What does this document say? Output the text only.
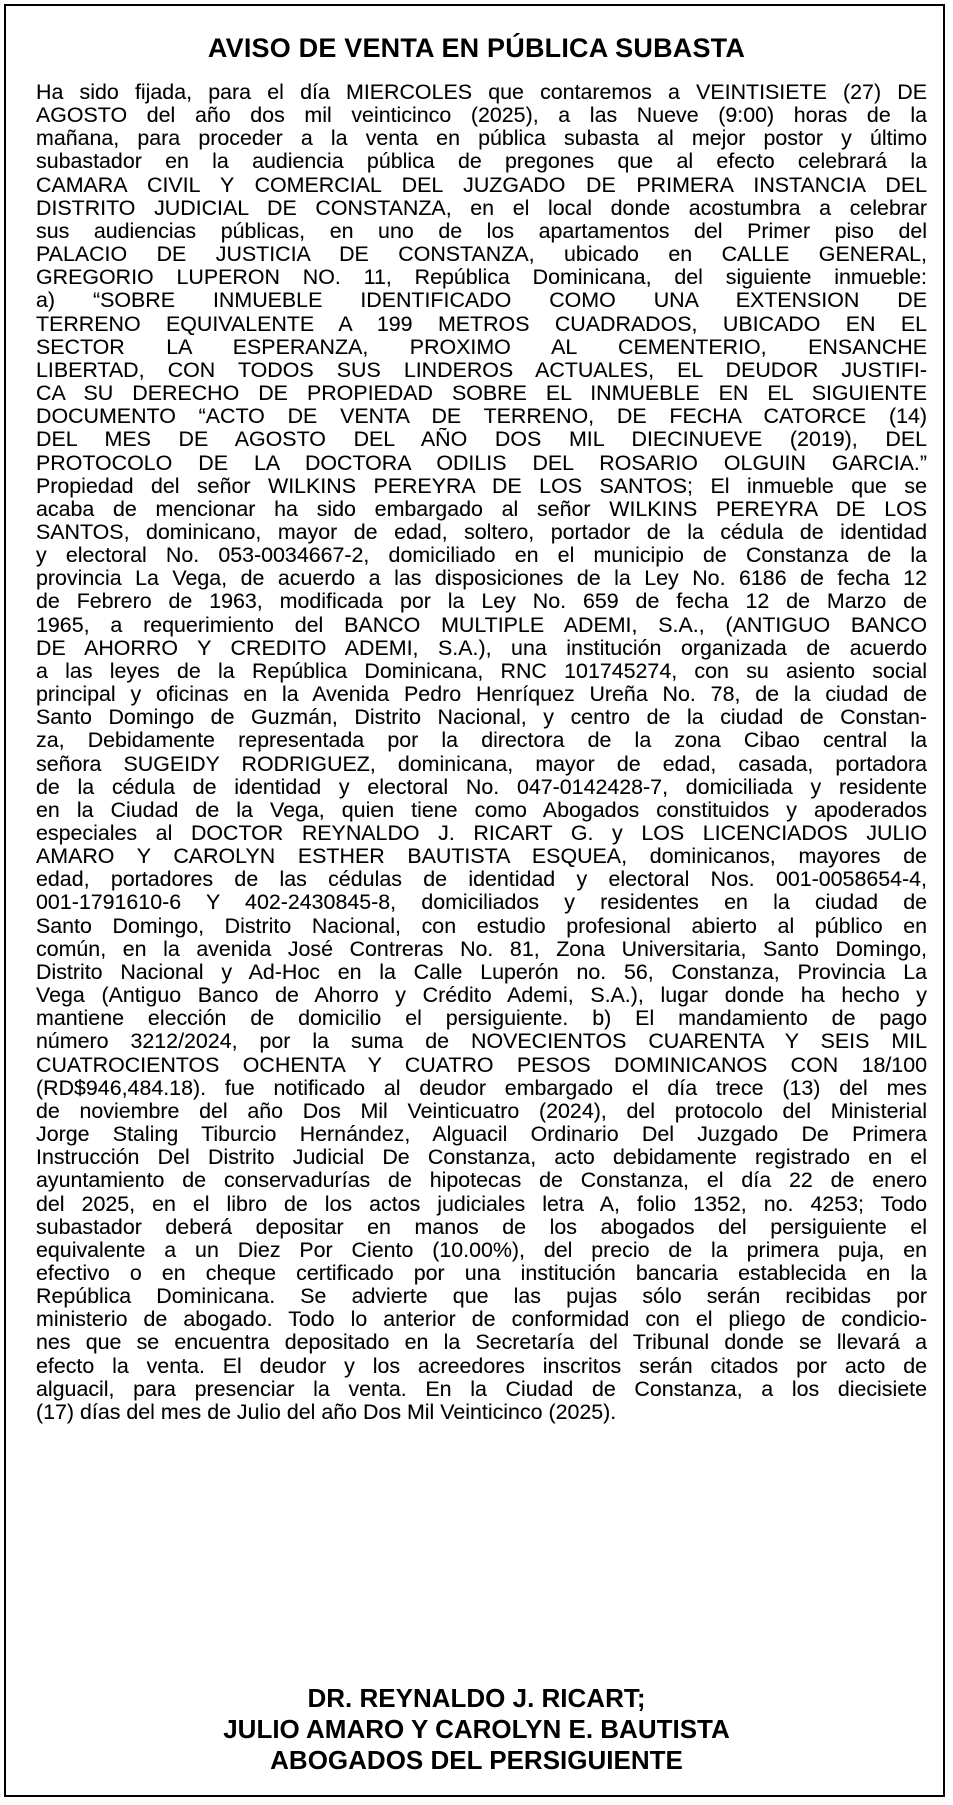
AVISO DE VENTA EN PÚBLICA SUBASTA
Ha sido fijada, para el día MIERCOLES que contaremos a VEINTISIETE (27) DE
AGOSTO del año dos mil veinticinco (2025), a las Nueve (9:00) horas de la
mañana, para proceder a la venta en pública subasta al mejor postor y último
subastador en la audiencia pública de pregones que al efecto celebrará la
CAMARA CIVIL Y COMERCIAL DEL JUZGADO DE PRIMERA INSTANCIA DEL
DISTRITO JUDICIAL DE CONSTANZA, en el local donde acostumbra a celebrar
sus audiencias públicas, en uno de los apartamentos del Primer piso del
PALACIO DE JUSTICIA DE CONSTANZA, ubicado en CALLE GENERAL,
GREGORIO LUPERON NO. 11, República Dominicana, del siguiente inmueble:
a) “SOBRE INMUEBLE IDENTIFICADO COMO UNA EXTENSION DE
TERRENO EQUIVALENTE A 199 METROS CUADRADOS, UBICADO EN EL
SECTOR LA ESPERANZA, PROXIMO AL CEMENTERIO, ENSANCHE
LIBERTAD, CON TODOS SUS LINDEROS ACTUALES, EL DEUDOR JUSTIFI-
CA SU DERECHO DE PROPIEDAD SOBRE EL INMUEBLE EN EL SIGUIENTE
DOCUMENTO “ACTO DE VENTA DE TERRENO, DE FECHA CATORCE (14)
DEL MES DE AGOSTO DEL AÑO DOS MIL DIECINUEVE (2019), DEL
PROTOCOLO DE LA DOCTORA ODILIS DEL ROSARIO OLGUIN GARCIA.”
Propiedad del señor WILKINS PEREYRA DE LOS SANTOS; El inmueble que se
acaba de mencionar ha sido embargado al señor WILKINS PEREYRA DE LOS
SANTOS, dominicano, mayor de edad, soltero, portador de la cédula de identidad
y electoral No. 053-0034667-2, domiciliado en el municipio de Constanza de la
provincia La Vega, de acuerdo a las disposiciones de la Ley No. 6186 de fecha 12
de Febrero de 1963, modificada por la Ley No. 659 de fecha 12 de Marzo de
1965, a requerimiento del BANCO MULTIPLE ADEMI, S.A., (ANTIGUO BANCO
DE AHORRO Y CREDITO ADEMI, S.A.), una institución organizada de acuerdo
a las leyes de la República Dominicana, RNC 101745274, con su asiento social
principal y oficinas en la Avenida Pedro Henríquez Ureña No. 78, de la ciudad de
Santo Domingo de Guzmán, Distrito Nacional, y centro de la ciudad de Constan-
za, Debidamente representada por la directora de la zona Cibao central la
señora SUGEIDY RODRIGUEZ, dominicana, mayor de edad, casada, portadora
de la cédula de identidad y electoral No. 047-0142428-7, domiciliada y residente
en la Ciudad de la Vega, quien tiene como Abogados constituidos y apoderados
especiales al DOCTOR REYNALDO J. RICART G. y LOS LICENCIADOS JULIO
AMARO Y CAROLYN ESTHER BAUTISTA ESQUEA, dominicanos, mayores de
edad, portadores de las cédulas de identidad y electoral Nos. 001-0058654-4,
001-1791610-6 Y 402-2430845-8, domiciliados y residentes en la ciudad de
Santo Domingo, Distrito Nacional, con estudio profesional abierto al público en
común, en la avenida José Contreras No. 81, Zona Universitaria, Santo Domingo,
Distrito Nacional y Ad-Hoc en la Calle Luperón no. 56, Constanza, Provincia La
Vega (Antiguo Banco de Ahorro y Crédito Ademi, S.A.), lugar donde ha hecho y
mantiene elección de domicilio el persiguiente. b) El mandamiento de pago
número 3212/2024, por la suma de NOVECIENTOS CUARENTA Y SEIS MIL
CUATROCIENTOS OCHENTA Y CUATRO PESOS DOMINICANOS CON 18/100
(RD$946,484.18). fue notificado al deudor embargado el día trece (13) del mes
de noviembre del año Dos Mil Veinticuatro (2024), del protocolo del Ministerial
Jorge Staling Tiburcio Hernández, Alguacil Ordinario Del Juzgado De Primera
Instrucción Del Distrito Judicial De Constanza, acto debidamente registrado en el
ayuntamiento de conservadurías de hipotecas de Constanza, el día 22 de enero
del 2025, en el libro de los actos judiciales letra A, folio 1352, no. 4253; Todo
subastador deberá depositar en manos de los abogados del persiguiente el
equivalente a un Diez Por Ciento (10.00%), del precio de la primera puja, en
efectivo o en cheque certificado por una institución bancaria establecida en la
República Dominicana. Se advierte que las pujas sólo serán recibidas por
ministerio de abogado. Todo lo anterior de conformidad con el pliego de condicio-
nes que se encuentra depositado en la Secretaría del Tribunal donde se llevará a
efecto la venta. El deudor y los acreedores inscritos serán citados por acto de
alguacil, para presenciar la venta. En la Ciudad de Constanza, a los diecisiete
(17) días del mes de Julio del año Dos Mil Veinticinco (2025).
DR. REYNALDO J. RICART;
JULIO AMARO Y CAROLYN E. BAUTISTA
ABOGADOS DEL PERSIGUIENTE
